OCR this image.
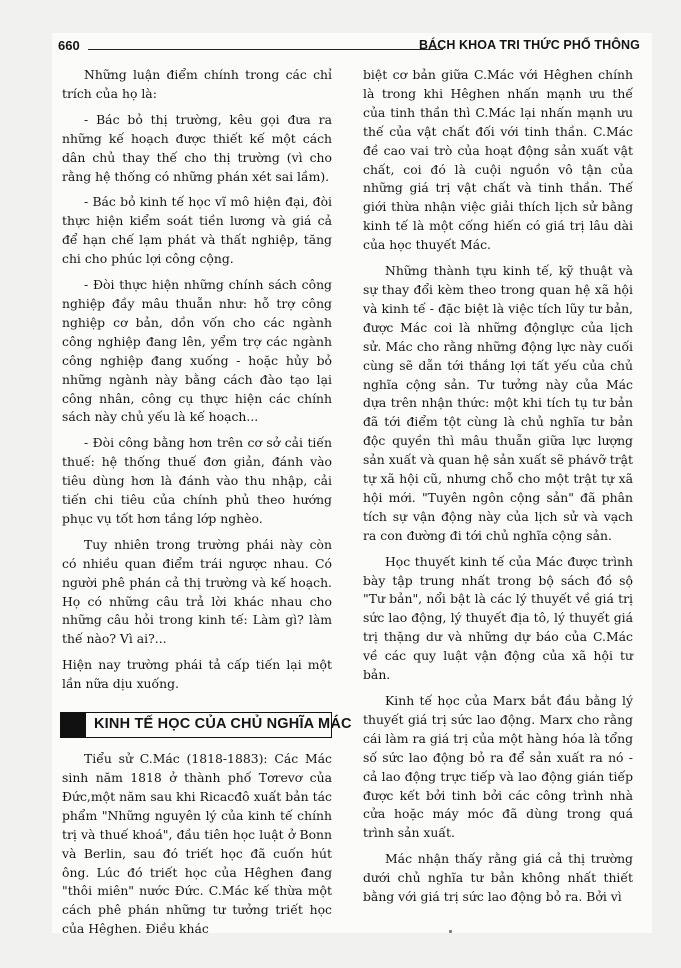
660	BÁCH KHOA TRI THỨC PHỔ THÔNG

Những luận điểm chính trong các chỉ trích của họ là:

- Bác bỏ thị trường, kêu gọi đưa ra những kế hoạch được thiết kế một cách dân chủ thay thế cho thị trường (vì cho rằng hệ thống có những phán xét sai lầm).

- Bác bỏ kinh tế học vĩ mô hiện đại, đòi thực hiện kiểm soát tiền lương và giá cả để hạn chế lạm phát và thất nghiệp, tăng chi cho phúc lợi công cộng.

- Đòi thực hiện những chính sách công nghiệp đầy mâu thuẫn như: hỗ trợ công nghiệp cơ bản, dồn vốn cho các ngành công nghiệp đang lên, yểm trợ các ngành công nghiệp đang xuống - hoặc hủy bỏ những ngành này bằng cách đào tạo lại công nhân, công cụ thực hiện các chính sách này chủ yếu là kế hoạch...

- Đòi công bằng hơn trên cơ sở cải tiến thuế: hệ thống thuế đơn giản, đánh vào tiêu dùng hơn là đánh vào thu nhập, cải tiến chi tiêu của chính phủ theo hướng phục vụ tốt hơn tầng lớp nghèo.

Tuy nhiên trong trường phái này còn có nhiều quan điểm trái ngược nhau. Có người phê phán cả thị trường và kế hoạch. Họ có những câu trả lời khác nhau cho những câu hỏi trong kinh tế: Làm gì? làm thế nào? Vì ai?...

Hiện nay trường phái tả cấp tiến lại một lần nữa dịu xuống.

KINH TẾ HỌC CỦA CHỦ NGHĨA MÁC

Tiểu sử C.Mác (1818-1883): Các Mác sinh năm 1818 ở thành phố Tơrevơ của Đức,một năm sau khi Ricacđô xuất bản tác phẩm "Những nguyên lý của kinh tế chính trị và thuế khoá", đầu tiên học luật ở Bonn và Berlin, sau đó triết học đã cuốn hút ông. Lúc đó triết học của Hêghen đang "thôi miên" nước Đức. C.Mác kế thừa một cách phê phán những tư tưởng triết học của Hêghen. Điều khác

biệt cơ bản giữa C.Mác với Hêghen chính là trong khi Hêghen nhấn mạnh ưu thế của tinh thần thì C.Mác lại nhấn mạnh ưu thế của vật chất đối với tinh thần. C.Mác đề cao vai trò của hoạt động sản xuất vật chất, coi đó là cuội nguồn vô tận của những giá trị vật chất và tinh thần. Thế giới thừa nhận việc giải thích lịch sử bằng kinh tế là một cống hiến có giá trị lâu dài của học thuyết Mác.

Những thành tựu kinh tế, kỹ thuật và sự thay đổi kèm theo trong quan hệ xã hội và kinh tế - đặc biệt là việc tích lũy tư bản, được Mác coi là những độnglực của lịch sử. Mác cho rằng những động lực này cuối cùng sẽ dẫn tới thắng lợi tất yếu của chủ nghĩa cộng sản. Tư tưởng này của Mác dựa trên nhận thức: một khi tích tụ tư bản đã tới điểm tột cùng là chủ nghĩa tư bản độc quyền thì mâu thuẫn giữa lực lượng sản xuất và quan hệ sản xuất sẽ phávỡ trật tự xã hội cũ, nhưng chỗ cho một trật tự xã hội mới. "Tuyên ngôn cộng sản" đã phân tích sự vận động này của lịch sử và vạch ra con đường đi tới chủ nghĩa cộng sản.

Học thuyết kinh tế của Mác được trình bày tập trung nhất trong bộ sách đồ sộ "Tư bản", nổi bật là các lý thuyết về giá trị sức lao động, lý thuyết địa tô, lý thuyết giá trị thặng dư và những dự báo của C.Mác về các quy luật vận động của xã hội tư bản.

Kinh tế học của Marx bắt đầu bằng lý thuyết giá trị sức lao động. Marx cho rằng cái làm ra giá trị của một hàng hóa là tổng số sức lao động bỏ ra để sản xuất ra nó - cả lao động trực tiếp và lao động gián tiếp được kết bởi tinh bởi các công trình nhà cửa hoặc máy móc đã dùng trong quá trình sản xuất.

Mác nhận thấy rằng giá cả thị trường dưới chủ nghĩa tư bản không nhất thiết bằng với giá trị sức lao động bỏ ra. Bởi vì
